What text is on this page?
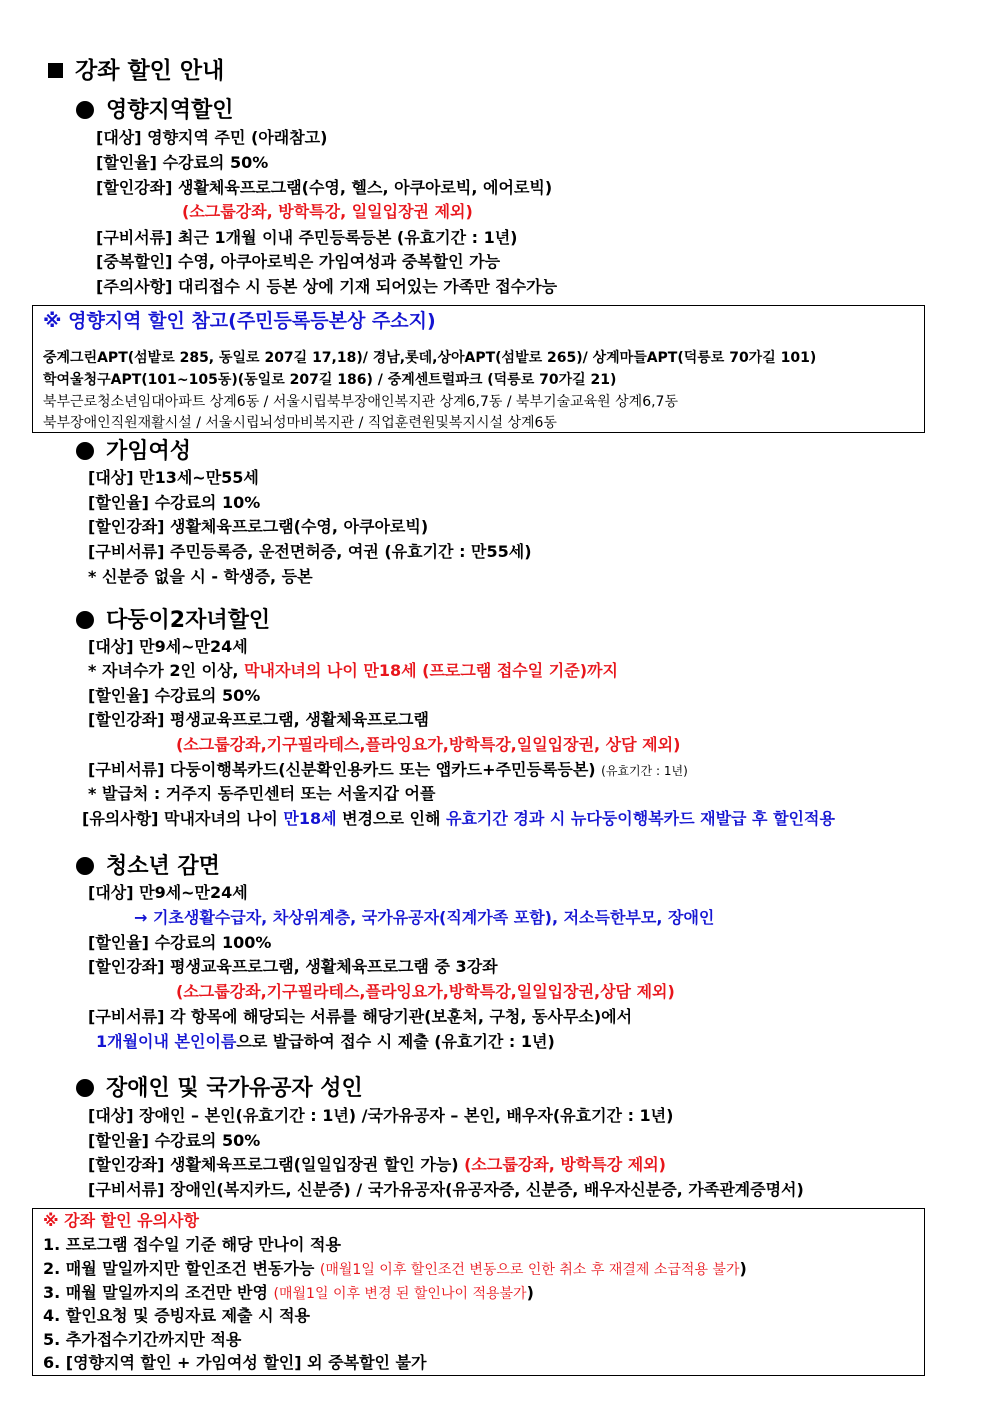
강좌 할인 안내
영향지역할인
[대상] 영향지역 주민 (아래참고)
[할인율] 수강료의 50%
[할인강좌] 생활체육프로그램(수영, 헬스, 아쿠아로빅, 에어로빅)
(소그룹강좌, 방학특강, 일일입장권 제외)
[구비서류] 최근 1개월 이내 주민등록등본 (유효기간 : 1년)
[중복할인] 수영, 아쿠아로빅은 가임여성과 중복할인 가능
[주의사항] 대리접수 시 등본 상에 기재 되어있는 가족만 접수가능
※ 영향지역 할인 참고(주민등록등본상 주소지)
중계그린APT(섬밭로 285, 동일로 207길 17,18)/ 경남,롯데,상아APT(섬밭로 265)/ 상계마들APT(덕릉로 70가길 101)
학여울청구APT(101~105동)(동일로 207길 186) / 중계센트럴파크 (덕릉로 70가길 21)
북부근로청소년임대아파트 상계6동 / 서울시립북부장애인복지관 상계6,7동 / 북부기술교육원 상계6,7동
북부장애인직원재활시설 / 서울시립뇌성마비복지관 / 직업훈련원및복지시설 상계6동
가임여성
[대상] 만13세~만55세
[할인율] 수강료의 10%
[할인강좌] 생활체육프로그램(수영, 아쿠아로빅)
[구비서류] 주민등록증, 운전면허증, 여권 (유효기간 : 만55세)
* 신분증 없을 시 - 학생증, 등본
다둥이2자녀할인
[대상] 만9세~만24세
* 자녀수가 2인 이상, 막내자녀의 나이 만18세 (프로그램 접수일 기준)까지
[할인율] 수강료의 50%
[할인강좌] 평생교육프로그램, 생활체육프로그램
(소그룹강좌,기구필라테스,플라잉요가,방학특강,일일입장권, 상담 제외)
[구비서류] 다둥이행복카드(신분확인용카드 또는 앱카드+주민등록등본) (유효기간 : 1년)
* 발급처 : 거주지 동주민센터 또는 서울지갑 어플
[유의사항] 막내자녀의 나이 만18세 변경으로 인해 유효기간 경과 시 뉴다둥이행복카드 재발급 후 할인적용
청소년 감면
[대상] 만9세~만24세
→ 기초생활수급자, 차상위계층, 국가유공자(직계가족 포함), 저소득한부모, 장애인
[할인율] 수강료의 100%
[할인강좌] 평생교육프로그램, 생활체육프로그램 중 3강좌
(소그룹강좌,기구필라테스,플라잉요가,방학특강,일일입장권,상담 제외)
[구비서류] 각 항목에 해당되는 서류를 해당기관(보훈처, 구청, 동사무소)에서
1개월이내 본인이름으로 발급하여 접수 시 제출 (유효기간 : 1년)
장애인 및 국가유공자 성인
[대상] 장애인 – 본인(유효기간 : 1년) /국가유공자 – 본인, 배우자(유효기간 : 1년)
[할인율] 수강료의 50%
[할인강좌] 생활체육프로그램(일일입장권 할인 가능) (소그룹강좌, 방학특강 제외)
[구비서류] 장애인(복지카드, 신분증) / 국가유공자(유공자증, 신분증, 배우자신분증, 가족관계증명서)
※ 강좌 할인 유의사항
1. 프로그램 접수일 기준 해당 만나이 적용
2. 매월 말일까지만 할인조건 변동가능 (매월1일 이후 할인조건 변동으로 인한 취소 후 재결제 소급적용 불가)
3. 매월 말일까지의 조건만 반영 (매월1일 이후 변경 된 할인나이 적용불가)
4. 할인요청 및 증빙자료 제출 시 적용
5. 추가접수기간까지만 적용
6. [영향지역 할인 + 가임여성 할인] 외 중복할인 불가
